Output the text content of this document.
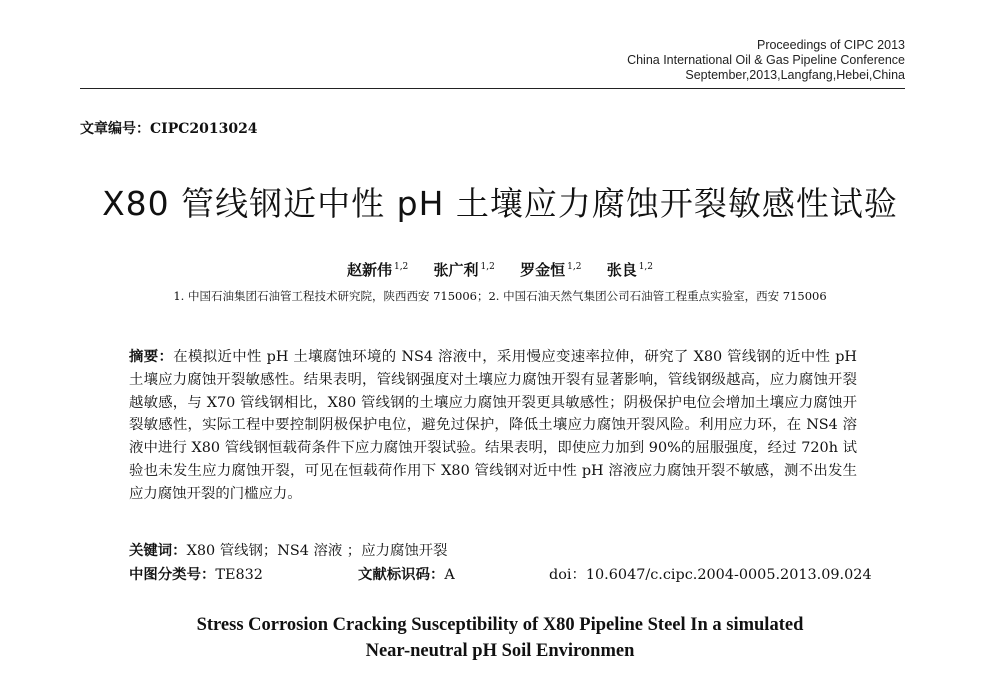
Proceedings of CIPC 2013
China International Oil & Gas Pipeline Conference
September,2013,Langfang,Hebei,China
文章编号：CIPC2013024
X80 管线钢近中性 pH 土壤应力腐蚀开裂敏感性试验
赵新伟 $^{1,2}$ 张广利 $^{1,2}$ 罗金恒 $^{1,2}$ 张良 $^{1,2}$
1. 中国石油集团石油管工程技术研究院，陕西西安 715006；2. 中国石油天然气集团公司石油管工程重点实验室，西安 715006
摘要：在模拟近中性 pH 土壤腐蚀环境的 NS4 溶液中，采用慢应变速率拉伸，研究了 X80 管线钢的近中性 pH 土壤应力腐蚀开裂敏感性。结果表明，管线钢强度对土壤应力腐蚀开裂有显著影响，管线钢级越高，应力腐蚀开裂越敏感，与 X70 管线钢相比，X80 管线钢的土壤应力腐蚀开裂更具敏感性；阴极保护电位会增加土壤应力腐蚀开裂敏感性，实际工程中要控制阴极保护电位，避免过保护，降低土壤应力腐蚀开裂风险。利用应力环，在 NS4 溶液中进行 X80 管线钢恒载荷条件下应力腐蚀开裂试验。结果表明，即使应力加到 90%的屈服强度，经过 720h 试验也未发生应力腐蚀开裂，可见在恒载荷作用下 X80 管线钢对近中性 pH 溶液应力腐蚀开裂不敏感，测不出发生应力腐蚀开裂的门槛应力。
关键词：X80 管线钢；NS4 溶液 ；应力腐蚀开裂
中图分类号：TE832	文献标识码：A	doi：10.6047/c.cipc.2004-0005.2013.09.024
Stress Corrosion Cracking Susceptibility of X80 Pipeline Steel In a simulated
Near-neutral pH Soil Environmen
